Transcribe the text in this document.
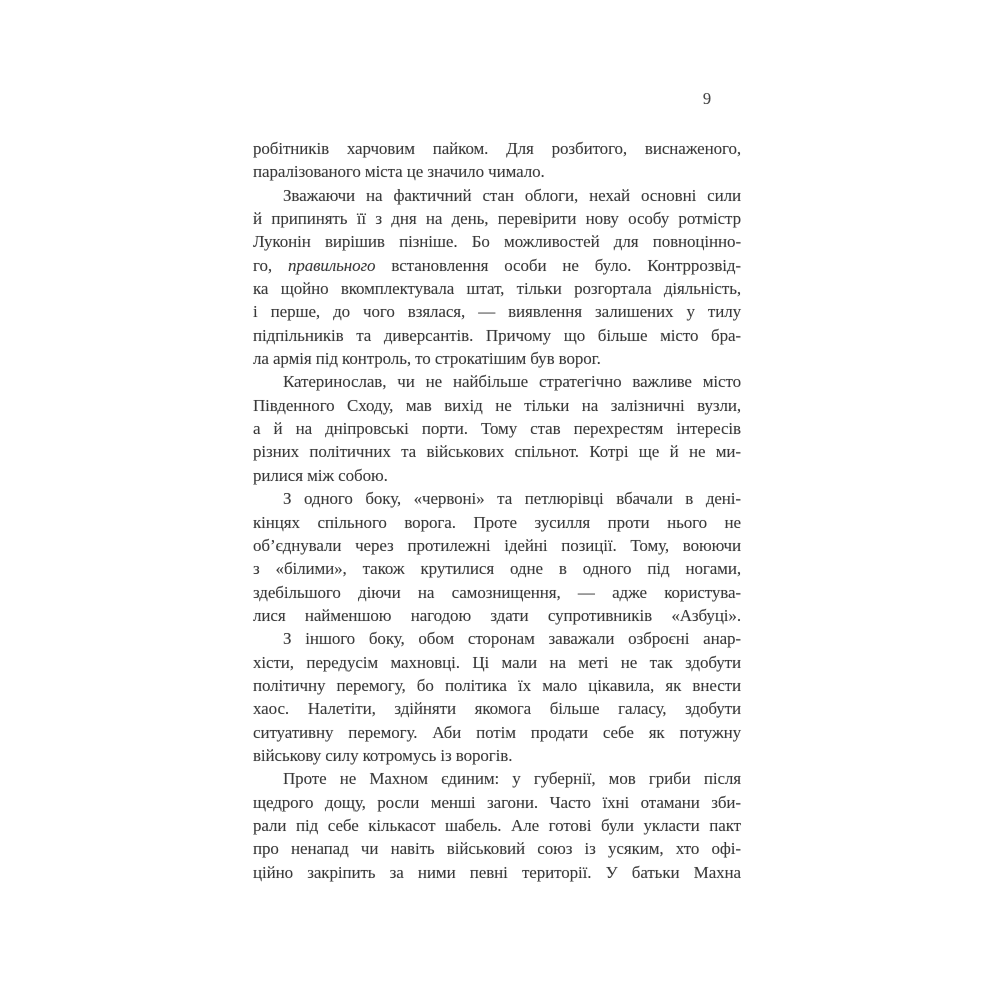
9
робітників харчовим пайком. Для розбитого, виснаженого,
паралізованого міста це значило чимало.
Зважаючи на фактичний стан облоги, нехай основні сили
й припинять її з дня на день, перевірити нову особу ротмістр
Луконін вирішив пізніше. Бо можливостей для повноцінно-
го, правильного встановлення особи не було. Контррозвід-
ка щойно вкомплектувала штат, тільки розгортала діяльність,
і перше, до чого взялася, — виявлення залишених у тилу
підпільників та диверсантів. Причому що більше місто бра-
ла армія під контроль, то строкатішим був ворог.
Катеринослав, чи не найбільше стратегічно важливе місто
Південного Сходу, мав вихід не тільки на залізничні вузли,
а й на дніпровські порти. Тому став перехрестям інтересів
різних політичних та військових спільнот. Котрі ще й не ми-
рилися між собою.
З одного боку, «червоні» та петлюрівці вбачали в дені-
кінцях спільного ворога. Проте зусилля проти нього не
об’єднували через протилежні ідейні позиції. Тому, воюючи
з «білими», також крутилися одне в одного під ногами,
здебільшого діючи на самознищення, — адже користува-
лися найменшою нагодою здати супротивників «Азбуці».
З іншого боку, обом сторонам заважали озброєні анар-
хісти, передусім махновці. Ці мали на меті не так здобути
політичну перемогу, бо політика їх мало цікавила, як внести
хаос. Налетіти, здійняти якомога більше галасу, здобути
ситуативну перемогу. Аби потім продати себе як потужну
військову силу котромусь із ворогів.
Проте не Махном єдиним: у губернії, мов гриби після
щедрого дощу, росли менші загони. Часто їхні отамани зби-
рали під себе кількасот шабель. Але готові були укласти пакт
про ненапад чи навіть військовий союз із усяким, хто офі-
ційно закріпить за ними певні території. У батьки Махна
